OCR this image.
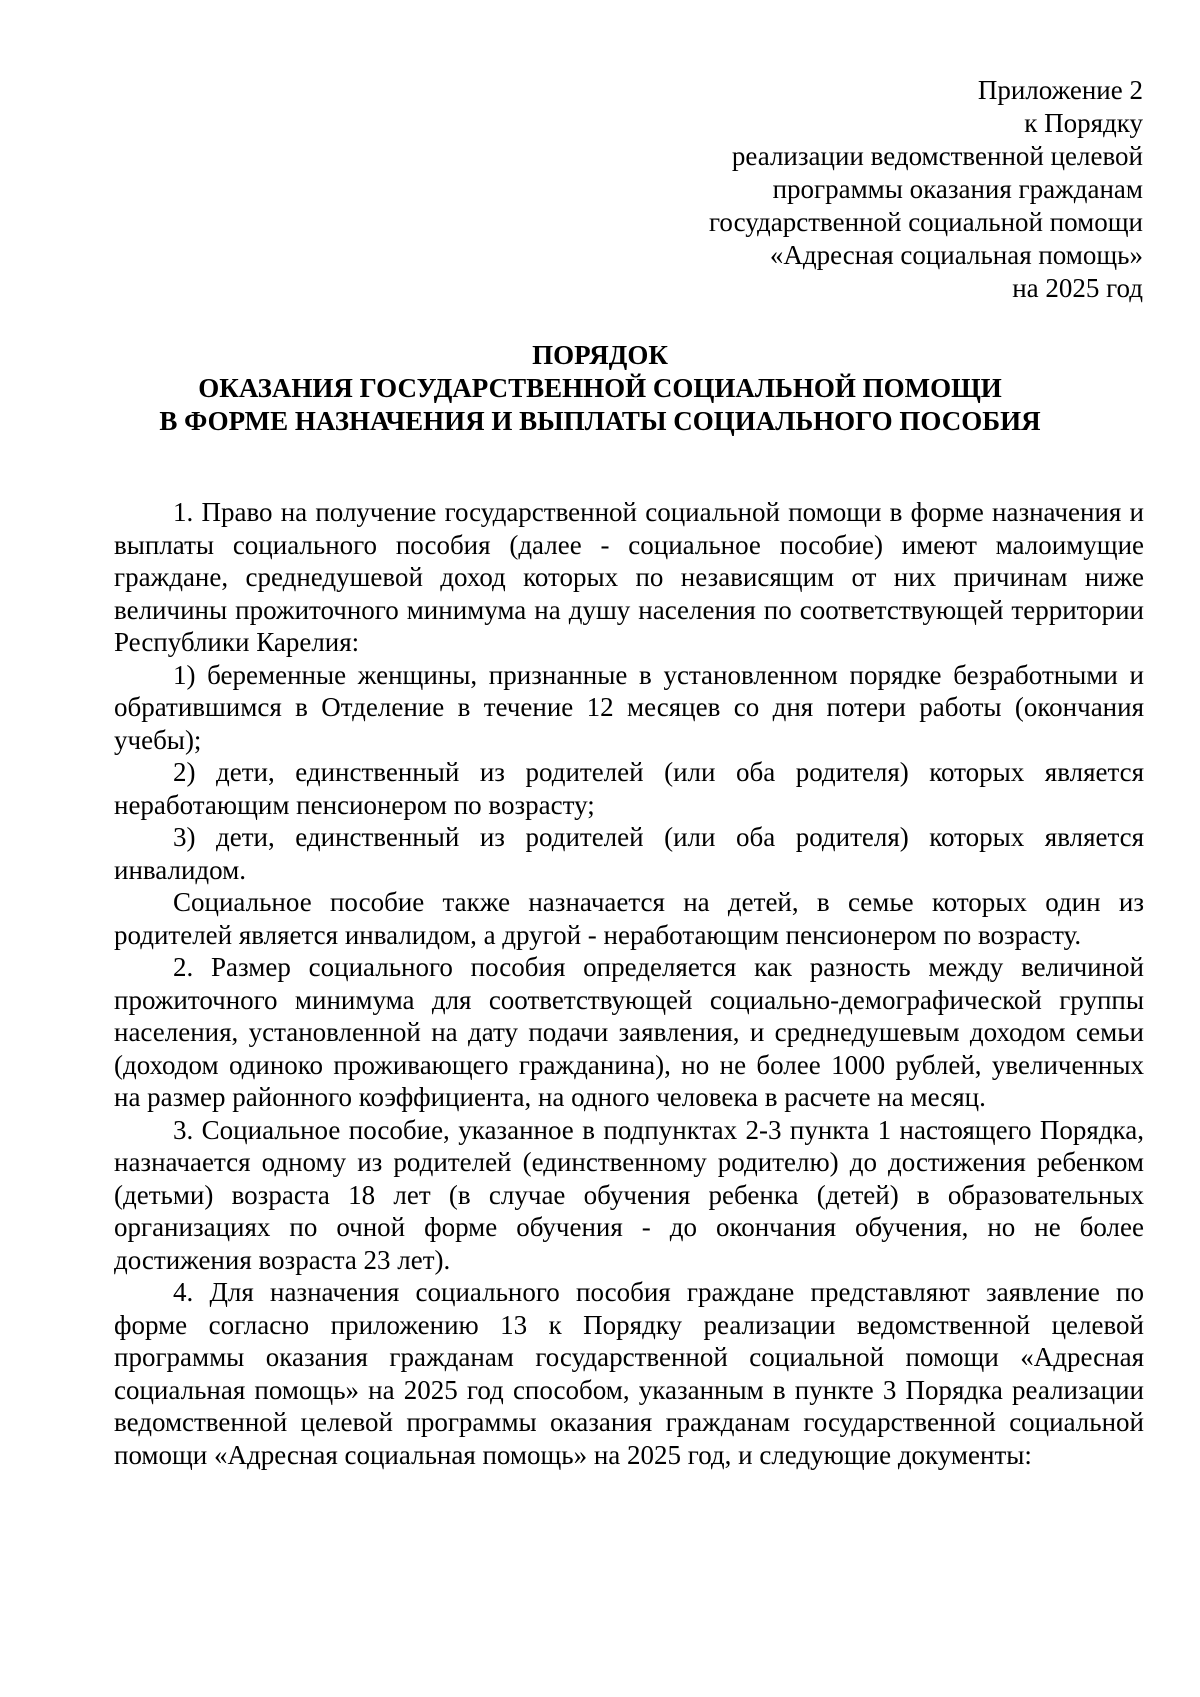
Приложение 2
к Порядку
реализации ведомственной целевой
программы оказания гражданам
государственной социальной помощи
«Адресная социальная помощь»
на 2025 год
ПОРЯДОК
ОКАЗАНИЯ ГОСУДАРСТВЕННОЙ СОЦИАЛЬНОЙ ПОМОЩИ
В ФОРМЕ НАЗНАЧЕНИЯ И ВЫПЛАТЫ СОЦИАЛЬНОГО ПОСОБИЯ

1. Право на получение государственной социальной помощи в форме назначения и выплаты социального пособия (далее - социальное пособие) имеют малоимущие граждане, среднедушевой доход которых по независящим от них причинам ниже величины прожиточного минимума на душу населения по соответствующей территории Республики Карелия:

1) беременные женщины, признанные в установленном порядке безработными и обратившимся в Отделение в течение 12 месяцев со дня потери работы (окончания учебы);

2) дети, единственный из родителей (или оба родителя) которых является неработающим пенсионером по возрасту;

3) дети, единственный из родителей (или оба родителя) которых является инвалидом.

Социальное пособие также назначается на детей, в семье которых один из родителей является инвалидом, а другой - неработающим пенсионером по возрасту.

2. Размер социального пособия определяется как разность между величиной прожиточного минимума для соответствующей социально-демографической группы населения, установленной на дату подачи заявления, и среднедушевым доходом семьи (доходом одиноко проживающего гражданина), но не более 1000 рублей, увеличенных на размер районного коэффициента, на одного человека в расчете на месяц.

3. Социальное пособие, указанное в подпунктах 2-3 пункта 1 настоящего Порядка, назначается одному из родителей (единственному родителю) до достижения ребенком (детьми) возраста 18 лет (в случае обучения ребенка (детей) в образовательных организациях по очной форме обучения - до окончания обучения, но не более достижения возраста 23 лет).

4. Для назначения социального пособия граждане представляют заявление по форме согласно приложению 13 к Порядку реализации ведомственной целевой программы оказания гражданам государственной социальной помощи «Адресная социальная помощь» на 2025 год способом, указанным в пункте 3 Порядка реализации ведомственной целевой программы оказания гражданам государственной социальной помощи «Адресная социальная помощь» на 2025 год, и следующие документы:
